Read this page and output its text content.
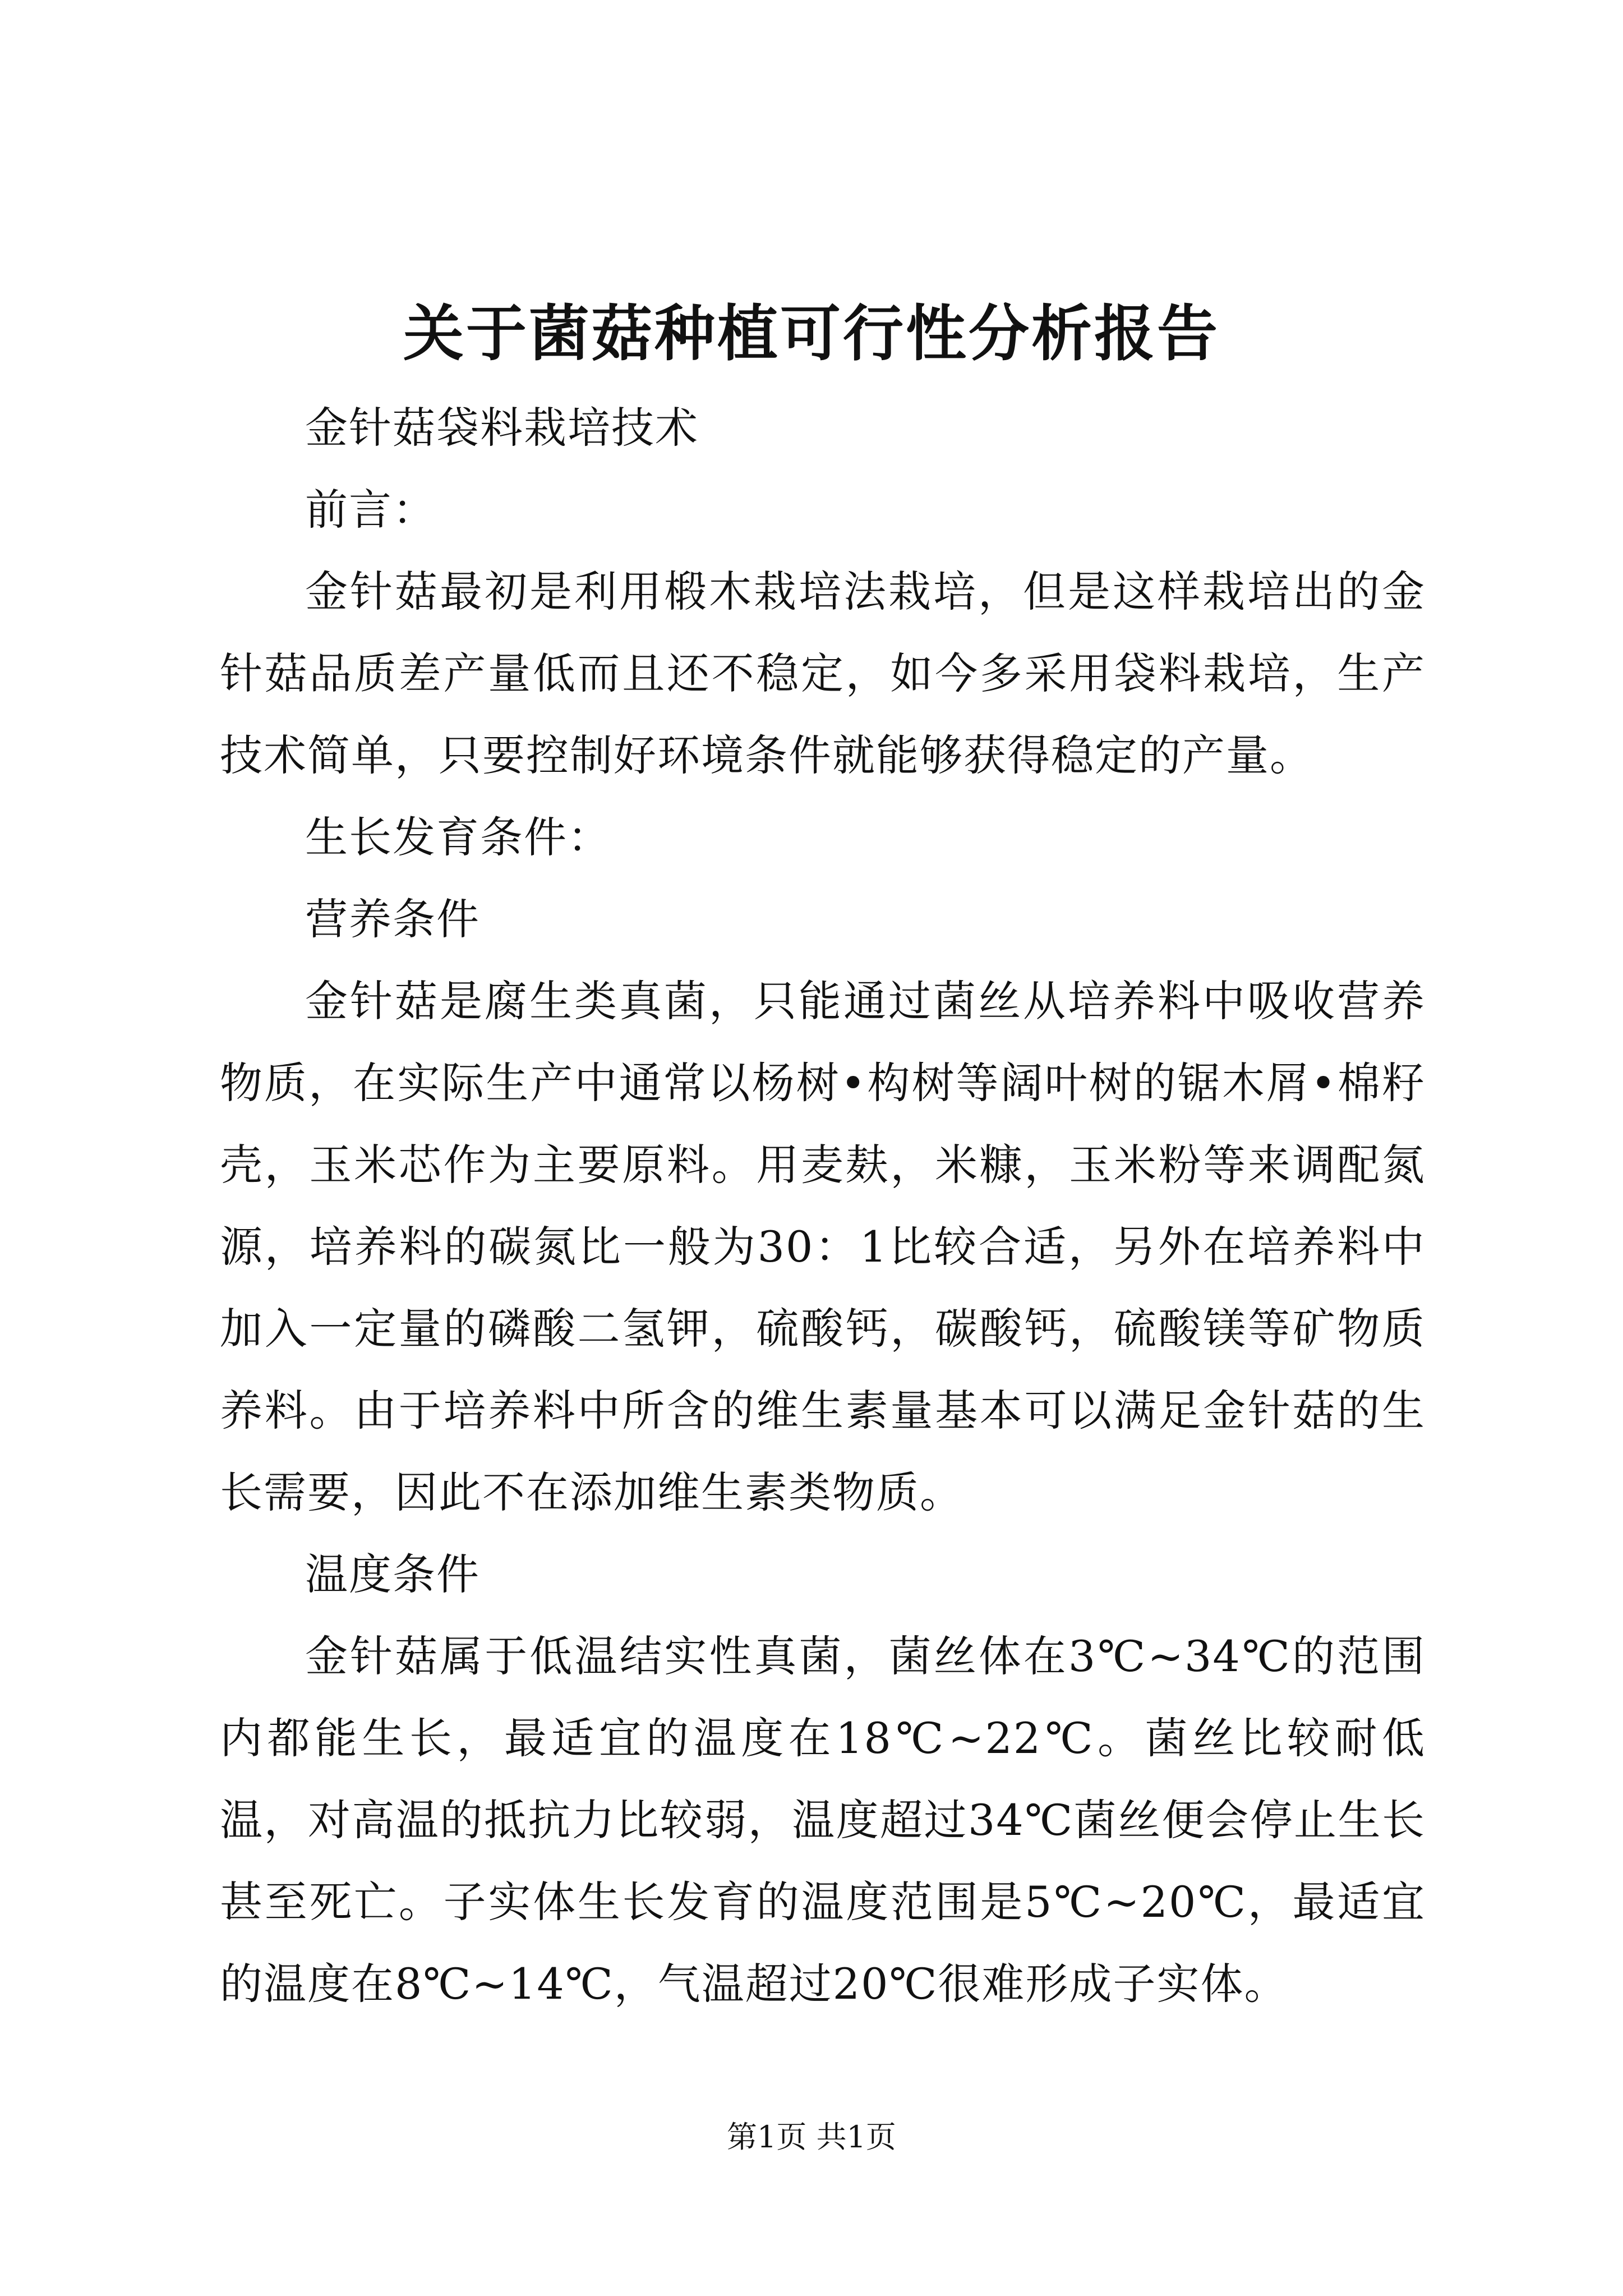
关于菌菇种植可行性分析报告

金针菇袋料栽培技术

前言：

金针菇最初是利用椴木栽培法栽培，但是这样栽培出的金针菇品质差产量低而且还不稳定，如今多采用袋料栽培，生产技术简单，只要控制好环境条件就能够获得稳定的产量。

生长发育条件：

营养条件

金针菇是腐生类真菌，只能通过菌丝从培养料中吸收营养物质，在实际生产中通常以杨树•构树等阔叶树的锯木屑•棉籽壳，玉米芯作为主要原料。用麦麸，米糠，玉米粉等来调配氮源，培养料的碳氮比一般为30：1比较合适，另外在培养料中加入一定量的磷酸二氢钾，硫酸钙，碳酸钙，硫酸镁等矿物质养料。由于培养料中所含的维生素量基本可以满足金针菇的生长需要，因此不在添加维生素类物质。

温度条件

金针菇属于低温结实性真菌，菌丝体在3℃~34℃的范围内都能生长，最适宜的温度在18℃~22℃。菌丝比较耐低温，对高温的抵抗力比较弱，温度超过34℃菌丝便会停止生长甚至死亡。子实体生长发育的温度范围是5℃~20℃，最适宜的温度在8℃~14℃，气温超过20℃很难形成子实体。

第1页 共1页
